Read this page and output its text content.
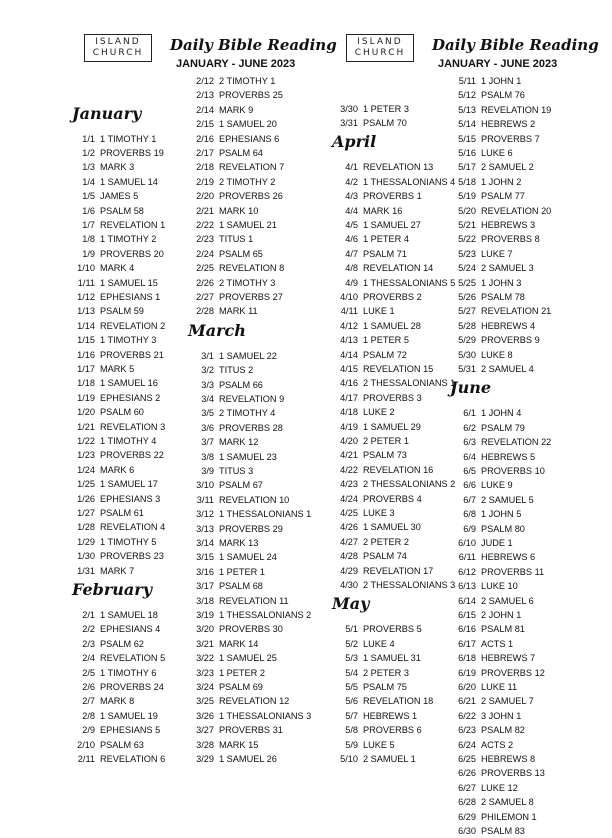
ISLAND
CHURCH Daily Bible Reading
JANUARY - JUNE 2023
ISLAND
CHURCH Daily Bible Reading
JANUARY - JUNE 2023
January
1/1 1 TIMOTHY 1
1/2 PROVERBS 19
1/3 MARK 3
1/4 1 SAMUEL 14
1/5 JAMES 5
1/6 PSALM 58
1/7 REVELATION 1
1/8 1 TIMOTHY 2
1/9 PROVERBS 20
1/10 MARK 4
1/11 1 SAMUEL 15
1/12 EPHESIANS 1
1/13 PSALM 59
1/14 REVELATION 2
1/15 1 TIMOTHY 3
1/16 PROVERBS 21
1/17 MARK 5
1/18 1 SAMUEL 16
1/19 EPHESIANS 2
1/20 PSALM 60
1/21 REVELATION 3
1/22 1 TIMOTHY 4
1/23 PROVERBS 22
1/24 MARK 6
1/25 1 SAMUEL 17
1/26 EPHESIANS 3
1/27 PSALM 61
1/28 REVELATION 4
1/29 1 TIMOTHY 5
1/30 PROVERBS 23
1/31 MARK 7
February
2/1 1 SAMUEL 18
2/2 EPHESIANS 4
2/3 PSALM 62
2/4 REVELATION 5
2/5 1 TIMOTHY 6
2/6 PROVERBS 24
2/7 MARK 8
2/8 1 SAMUEL 19
2/9 EPHESIANS 5
2/10 PSALM 63
2/11 REVELATION 6
2/12 2 TIMOTHY 1
2/13 PROVERBS 25
2/14 MARK 9
2/15 1 SAMUEL 20
2/16 EPHESIANS 6
2/17 PSALM 64
2/18 REVELATION 7
2/19 2 TIMOTHY 2
2/20 PROVERBS 26
2/21 MARK 10
2/22 1 SAMUEL 21
2/23 TITUS 1
2/24 PSALM 65
2/25 REVELATION 8
2/26 2 TIMOTHY 3
2/27 PROVERBS 27
2/28 MARK 11
March
3/1 1 SAMUEL 22
3/2 TITUS 2
3/3 PSALM 66
3/4 REVELATION 9
3/5 2 TIMOTHY 4
3/6 PROVERBS 28
3/7 MARK 12
3/8 1 SAMUEL 23
3/9 TITUS 3
3/10 PSALM 67
3/11 REVELATION 10
3/12 1 THESSALONIANS 1
3/13 PROVERBS 29
3/14 MARK 13
3/15 1 SAMUEL 24
3/16 1 PETER 1
3/17 PSALM 68
3/18 REVELATION 11
3/19 1 THESSALONIANS 2
3/20 PROVERBS 30
3/21 MARK 14
3/22 1 SAMUEL 25
3/23 1 PETER 2
3/24 PSALM 69
3/25 REVELATION 12
3/26 1 THESSALONIANS 3
3/27 PROVERBS 31
3/28 MARK 15
3/29 1 SAMUEL 26
3/30 1 PETER 3
3/31 PSALM 70
April
4/1 REVELATION 13
4/2 1 THESSALONIANS 4
4/3 PROVERBS 1
4/4 MARK 16
4/5 1 SAMUEL 27
4/6 1 PETER 4
4/7 PSALM 71
4/8 REVELATION 14
4/9 1 THESSALONIANS 5
4/10 PROVERBS 2
4/11 LUKE 1
4/12 1 SAMUEL 28
4/13 1 PETER 5
4/14 PSALM 72
4/15 REVELATION 15
4/16 2 THESSALONIANS 1
4/17 PROVERBS 3
4/18 LUKE 2
4/19 1 SAMUEL 29
4/20 2 PETER 1
4/21 PSALM 73
4/22 REVELATION 16
4/23 2 THESSALONIANS 2
4/24 PROVERBS 4
4/25 LUKE 3
4/26 1 SAMUEL 30
4/27 2 PETER 2
4/28 PSALM 74
4/29 REVELATION 17
4/30 2 THESSALONIANS 3
May
5/1 PROVERBS 5
5/2 LUKE 4
5/3 1 SAMUEL 31
5/4 2 PETER 3
5/5 PSALM 75
5/6 REVELATION 18
5/7 HEBREWS 1
5/8 PROVERBS 6
5/9 LUKE 5
5/10 2 SAMUEL 1
5/11 1 JOHN 1
5/12 PSALM 76
5/13 REVELATION 19
5/14 HEBREWS 2
5/15 PROVERBS 7
5/16 LUKE 6
5/17 2 SAMUEL 2
5/18 1 JOHN 2
5/19 PSALM 77
5/20 REVELATION 20
5/21 HEBREWS 3
5/22 PROVERBS 8
5/23 LUKE 7
5/24 2 SAMUEL 3
5/25 1 JOHN 3
5/26 PSALM 78
5/27 REVELATION 21
5/28 HEBREWS 4
5/29 PROVERBS 9
5/30 LUKE 8
5/31 2 SAMUEL 4
June
6/1 1 JOHN 4
6/2 PSALM 79
6/3 REVELATION 22
6/4 HEBREWS 5
6/5 PROVERBS 10
6/6 LUKE 9
6/7 2 SAMUEL 5
6/8 1 JOHN 5
6/9 PSALM 80
6/10 JUDE 1
6/11 HEBREWS 6
6/12 PROVERBS 11
6/13 LUKE 10
6/14 2 SAMUEL 6
6/15 2 JOHN 1
6/16 PSALM 81
6/17 ACTS 1
6/18 HEBREWS 7
6/19 PROVERBS 12
6/20 LUKE 11
6/21 2 SAMUEL 7
6/22 3 JOHN 1
6/23 PSALM 82
6/24 ACTS 2
6/25 HEBREWS 8
6/26 PROVERBS 13
6/27 LUKE 12
6/28 2 SAMUEL 8
6/29 PHILEMON 1
6/30 PSALM 83
